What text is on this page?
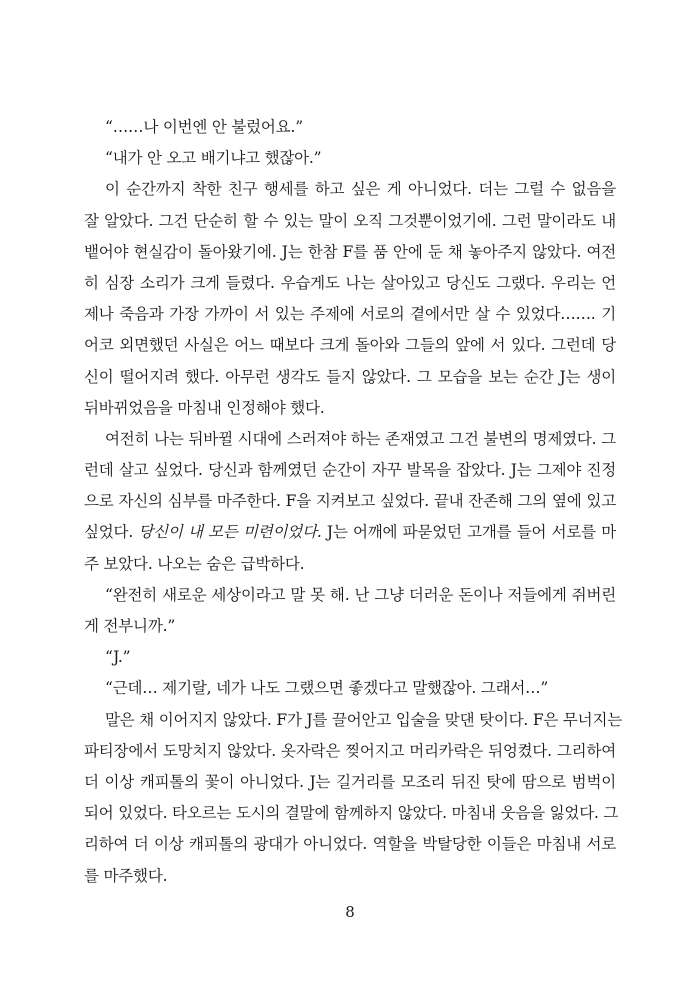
“……나 이번엔 안 불렀어요.”
“내가 안 오고 배기냐고 했잖아.”
이 순간까지 착한 친구 행세를 하고 싶은 게 아니었다. 더는 그럴 수 없음을
잘 알았다. 그건 단순히 할 수 있는 말이 오직 그것뿐이었기에. 그런 말이라도 내
뱉어야 현실감이 돌아왔기에. J는 한참 F를 품 안에 둔 채 놓아주지 않았다. 여전
히 심장 소리가 크게 들렸다. 우습게도 나는 살아있고 당신도 그랬다. 우리는 언
제나 죽음과 가장 가까이 서 있는 주제에 서로의 곁에서만 살 수 있었다……. 기
어코 외면했던 사실은 어느 때보다 크게 돌아와 그들의 앞에 서 있다. 그런데 당
신이 떨어지려 했다. 아무런 생각도 들지 않았다. 그 모습을 보는 순간 J는 생이
뒤바뀌었음을 마침내 인정해야 했다.
여전히 나는 뒤바뀔 시대에 스러져야 하는 존재였고 그건 불변의 명제였다. 그
런데 살고 싶었다. 당신과 함께였던 순간이 자꾸 발목을 잡았다. J는 그제야 진정
으로 자신의 심부를 마주한다. F을 지켜보고 싶었다. 끝내 잔존해 그의 옆에 있고
싶었다. 당신이 내 모든 미련이었다. J는 어깨에 파묻었던 고개를 들어 서로를 마
주 보았다. 나오는 숨은 급박하다.
“완전히 새로운 세상이라고 말 못 해. 난 그냥 더러운 돈이나 저들에게 쥐버린
게 전부니까.”
“J.”
“근데… 제기랄, 네가 나도 그랬으면 좋겠다고 말했잖아. 그래서…”
말은 채 이어지지 않았다. F가 J를 끌어안고 입술을 맞댄 탓이다. F은 무너지는
파티장에서 도망치지 않았다. 옷자락은 찢어지고 머리카락은 뒤엉켰다. 그리하여
더 이상 캐피톨의 꽃이 아니었다. J는 길거리를 모조리 뒤진 탓에 땀으로 범벅이
되어 있었다. 타오르는 도시의 결말에 함께하지 않았다. 마침내 웃음을 잃었다. 그
리하여 더 이상 캐피톨의 광대가 아니었다. 역할을 박탈당한 이들은 마침내 서로
를 마주했다.
8
